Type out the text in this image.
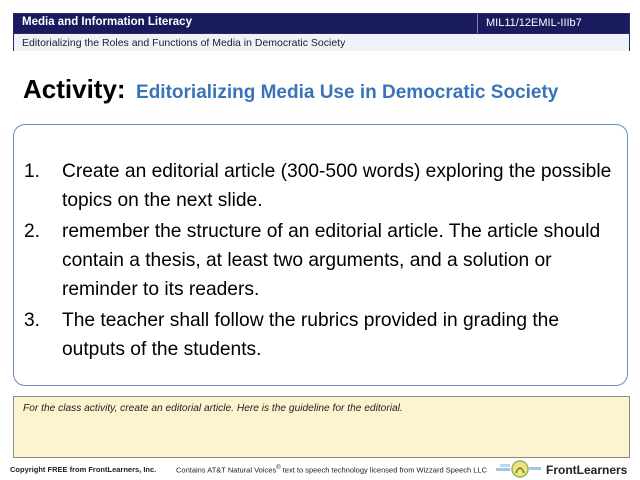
Media and Information Literacy	MIL11/12EMIL-IIIb7
Editorializing the Roles and Functions of Media in Democratic Society
Activity: Editorializing Media Use in Democratic Society
1. Create an editorial article (300-500 words) exploring the possible topics on the next slide.
2. remember the structure of an editorial article. The article should contain a thesis, at least two arguments, and a solution or reminder to its readers.
3. The teacher shall follow the rubrics provided in grading the outputs of the students.
For the class activity, create an editorial article. Here is the guideline for the editorial.
Copyright FREE from FrontLearners, Inc.	Contains AT&T Natural Voices® text to speech technology licensed from Wizzard Speech LLC	FrontLearners
